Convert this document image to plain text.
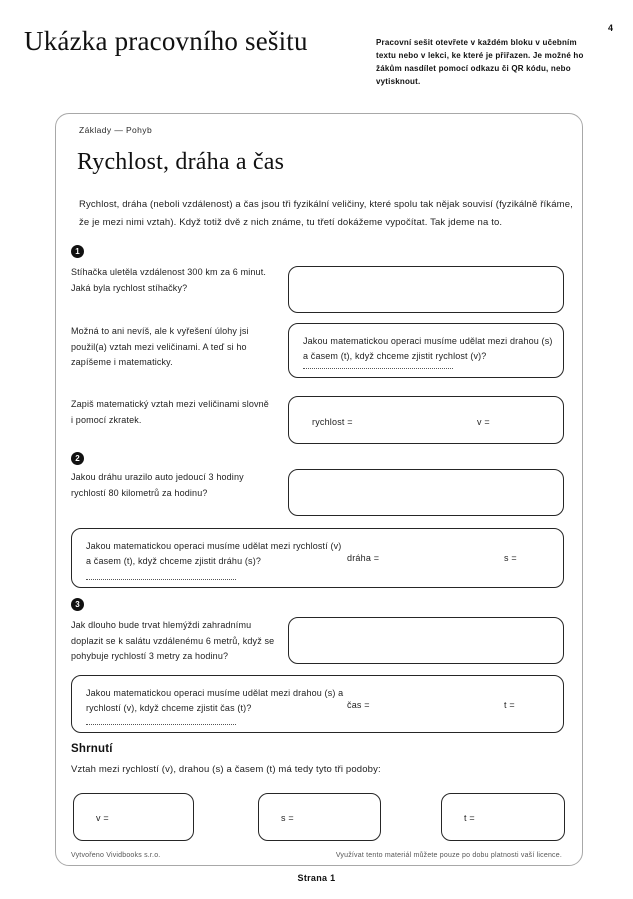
Ukázka pracovního sešitu	Pracovní sešit otevřete v každém bloku v učebním textu nebo v lekci, ke které je přiřazen. Je možné ho žákům nasdílet pomocí odkazu či QR kódu, nebo vytisknout.
4
Základy — Pohyb
Rychlost, dráha a čas
Rychlost, dráha (neboli vzdálenost) a čas jsou tři fyzikální veličiny, které spolu tak nějak souvisí (fyzikálně říkáme, že je mezi nimi vztah). Když totiž dvě z nich známe, tu třetí dokážeme vypočítat. Tak jdeme na to.
1
Stíhačka uletěla vzdálenost 300 km za 6 minut. Jaká byla rychlost stíhačky?
Možná to ani nevíš, ale k vyřešení úlohy jsi použil(a) vztah mezi veličinami. A teď si ho zapíšeme i matematicky.
Jakou matematickou operaci musíme udělat mezi drahou (s) a časem (t), když chceme zjistit rychlost (v)?
Zapiš matematický vztah mezi veličinami slovně i pomocí zkratek.	rychlost =	v =
2
Jakou dráhu urazilo auto jedoucí 3 hodiny rychlostí 80 kilometrů za hodinu?
Jakou matematickou operaci musíme udělat mezi rychlostí (v) a časem (t), když chceme zjistit dráhu (s)?	dráha =	s =
3
Jak dlouho bude trvat hlemýždi zahradnímu doplazit se k salátu vzdálenému 6 metrů, když se pohybuje rychlostí 3 metry za hodinu?
Jakou matematickou operaci musíme udělat mezi drahou (s) a rychlostí (v), když chceme zjistit čas (t)?	čas =	t =
Shrnutí
Vztah mezi rychlostí (v), drahou (s) a časem (t) má tedy tyto tři podoby:
v =	s =	t =
Vytvořeno Vividbooks s.r.o.	Využívat tento materiál můžete pouze po dobu platnosti vaší licence.
Strana 1
